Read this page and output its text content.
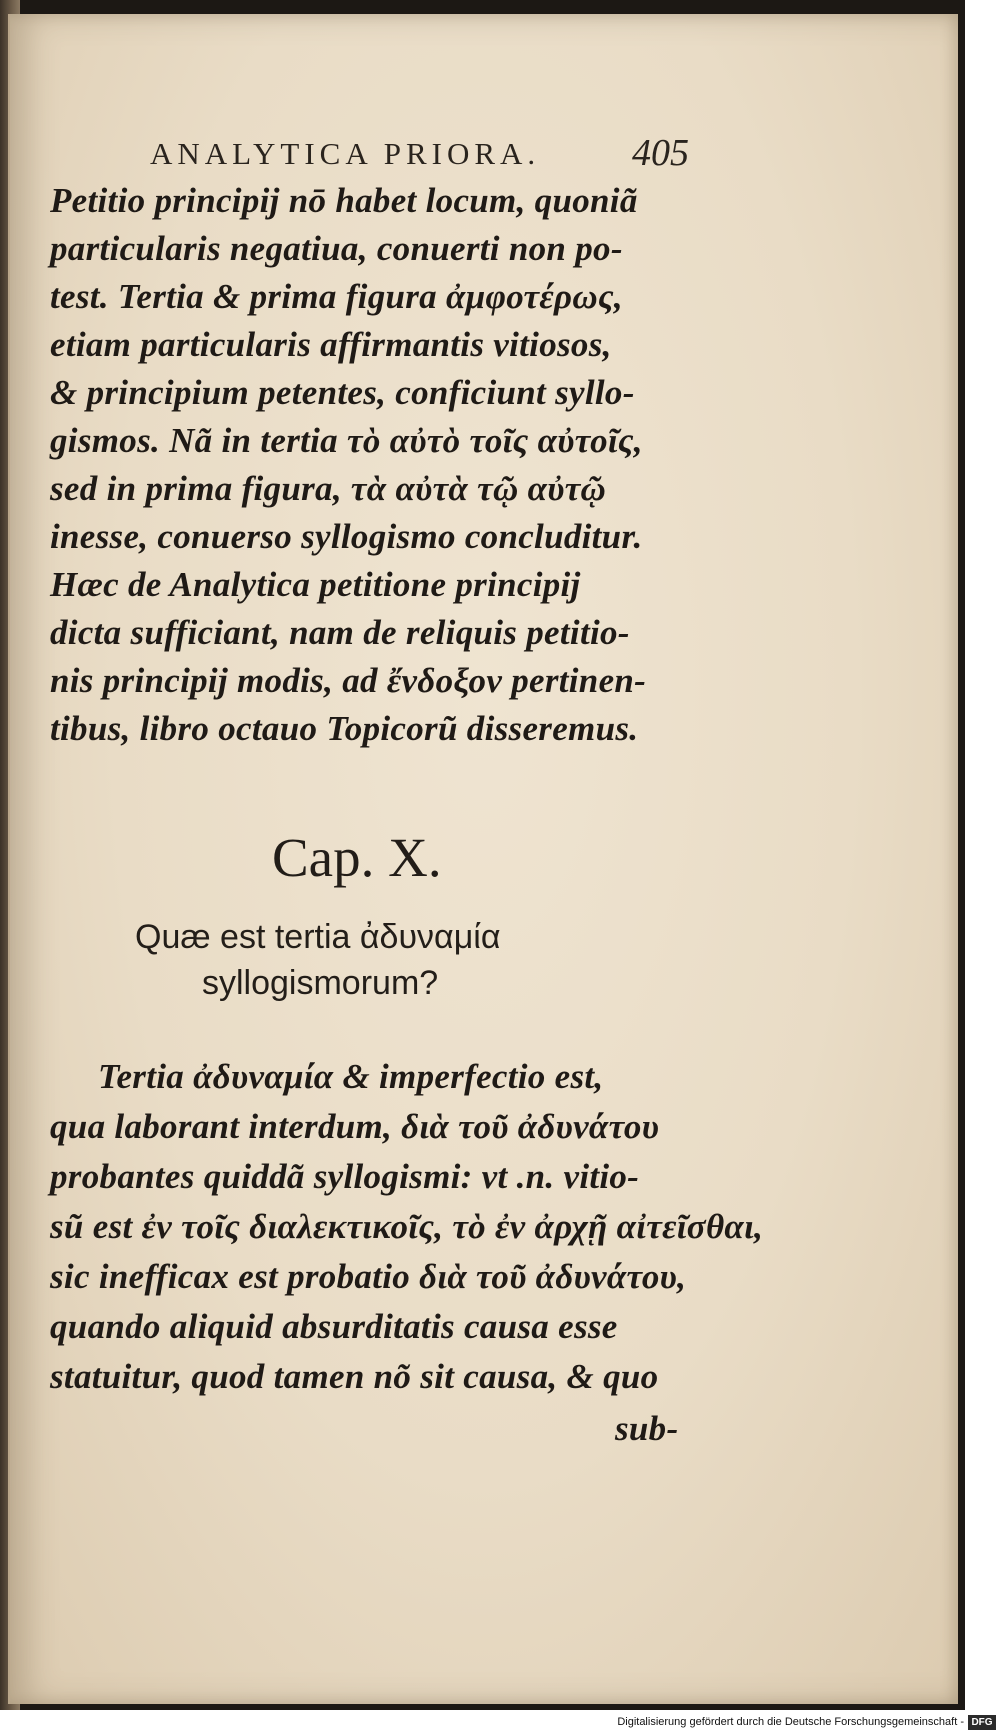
ANALYTICA PRIORA. 405
Petitio principij nō habet locum, quoniã
particularis negatiua, conuerti non po-
test. Tertia & prima figura ἀμφοτέρως,
etiam particularis affirmantis vitiosos,
& principium petentes, conficiunt syllo-
gismos. Nã in tertia τὸ αὐτὸ τοῖς αὐτοῖς,
sed in prima figura, τὰ αὐτὰ τῷ αὐτῷ
inesse, conuerso syllogismo concluditur.
Hæc de Analytica petitione principij
dicta sufficiant, nam de reliquis petitio-
nis principij modis, ad ἔνδοξον pertinen-
tibus, libro octauo Topicorũ disseremus.
Cap. X.
Quæ est tertia ἀδυναμία
syllogismorum?
Tertia ἀδυναμία & imperfectio est,
qua laborant interdum, διὰ τοῦ ἀδυνάτου
probantes quiddã syllogismi: vt .n. vitio-
sũ est ἐν τοῖς διαλεκτικοῖς, τὸ ἐν ἀρχῇ αἰτεῖσθαι,
sic inefficax est probatio διὰ τοῦ ἀδυνάτου,
quando aliquid absurditatis causa esse
statuitur, quod tamen nõ sit causa, & quo
sub-
Digitalisierung gefördert durch die Deutsche Forschungsgemeinschaft - DFG
